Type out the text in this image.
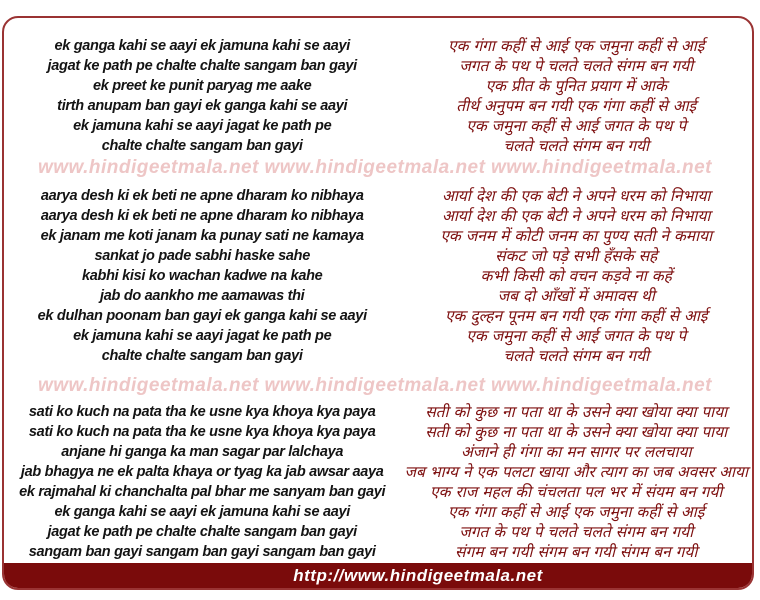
ek ganga kahi se aayi ek jamuna kahi se aayi
jagat ke path pe chalte chalte sangam ban gayi
ek preet ke punit paryag me aake
tirth anupam ban gayi ek ganga kahi se aayi
ek jamuna kahi se aayi jagat ke path pe
chalte chalte sangam ban gayi
एक गंगा कहीं से आई एक जमुना कहीं से आई
जगत के पथ पे चलते चलते संगम बन गयी
एक प्रीत के पुनित प्रयाग में आके
तीर्थ अनुपम बन गयी एक गंगा कहीं से आई
एक जमुना कहीं से आई जगत के पथ पे
चलते चलते संगम बन गयी
www.hindigeetmala.net www.hindigeetmala.net www.hindigeetmala.net
aarya desh ki ek beti ne apne dharam ko nibhaya
aarya desh ki ek beti ne apne dharam ko nibhaya
ek janam me koti janam ka punay sati ne kamaya
sankat jo pade sabhi haske sahe
kabhi kisi ko wachan kadwe na kahe
jab do aankho me aamawas thi
ek dulhan poonam ban gayi ek ganga kahi se aayi
ek jamuna kahi se aayi jagat ke path pe
chalte chalte sangam ban gayi
आर्या देश की एक बेटी ने अपने धरम को निभाया
आर्या देश की एक बेटी ने अपने धरम को निभाया
एक जनम में कोटी जनम का पुण्य सती ने कमाया
संकट जो पड़े सभी हँसके सहे
कभी किसी को वचन कड़वे ना कहें
जब दो आँखों में अमावस थी
एक दुल्हन पूनम बन गयी एक गंगा कहीं से आई
एक जमुना कहीं से आई जगत के पथ पे
चलते चलते संगम बन गयी
www.hindigeetmala.net www.hindigeetmala.net www.hindigeetmala.net
sati ko kuch na pata tha ke usne kya khoya kya paya
sati ko kuch na pata tha ke usne kya khoya kya paya
anjane hi ganga ka man sagar par lalchaya
jab bhagya ne ek palta khaya or tyag ka jab awsar aaya
ek rajmahal ki chanchalta pal bhar me sanyam ban gayi
ek ganga kahi se aayi ek jamuna kahi se aayi
jagat ke path pe chalte chalte sangam ban gayi
sangam ban gayi sangam ban gayi sangam ban gayi
सती को कुछ ना पता था के उसने क्या खोया क्या पाया
सती को कुछ ना पता था के उसने क्या खोया क्या पाया
अंजाने ही गंगा का मन सागर पर ललचाया
जब भाग्य ने एक पलटा खाया और त्याग का जब अवसर आया
एक राज महल की चंचलता पल भर में संयम बन गयी
एक गंगा कहीं से आई एक जमुना कहीं से आई
जगत के पथ पे चलते चलते संगम बन गयी
संगम बन गयी संगम बन गयी संगम बन गयी
http://www.hindigeetmala.net
